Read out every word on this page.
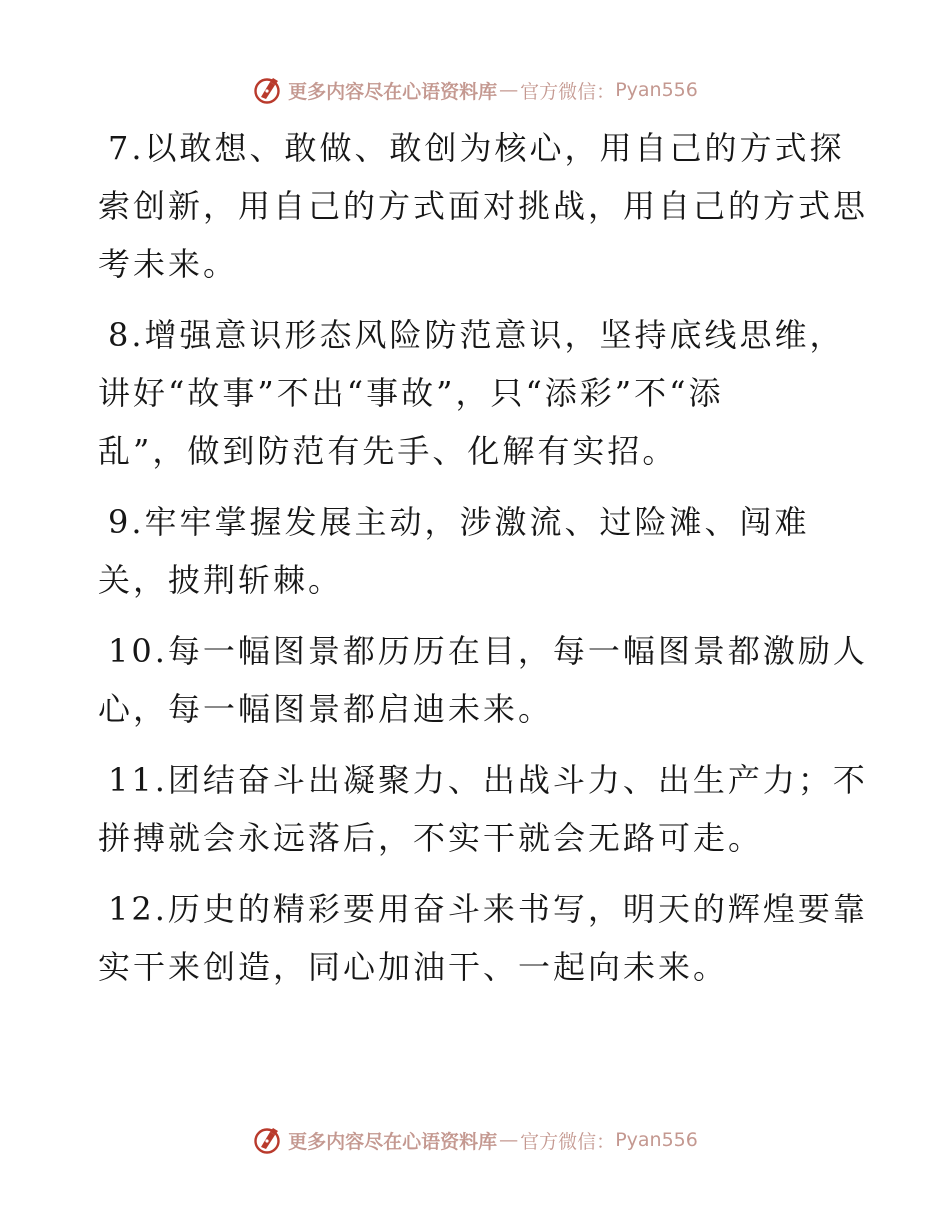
更多内容尽在心语资料库 — 官方微信： Pyan556
7.以敢想、敢做、敢创为核心，用自己的方式探
索创新，用自己的方式面对挑战，用自己的方式思
考未来。
8.增强意识形态风险防范意识，坚持底线思维，
讲好“故事”不出“事故”，只“添彩”不“添
乱”，做到防范有先手、化解有实招。
9.牢牢掌握发展主动，涉激流、过险滩、闯难
关，披荆斩棘。
10.每一幅图景都历历在目，每一幅图景都激励人
心，每一幅图景都启迪未来。
11.团结奋斗出凝聚力、出战斗力、出生产力；不
拼搏就会永远落后，不实干就会无路可走。
12.历史的精彩要用奋斗来书写，明天的辉煌要靠
实干来创造，同心加油干、一起向未来。
更多内容尽在心语资料库 — 官方微信： Pyan556
